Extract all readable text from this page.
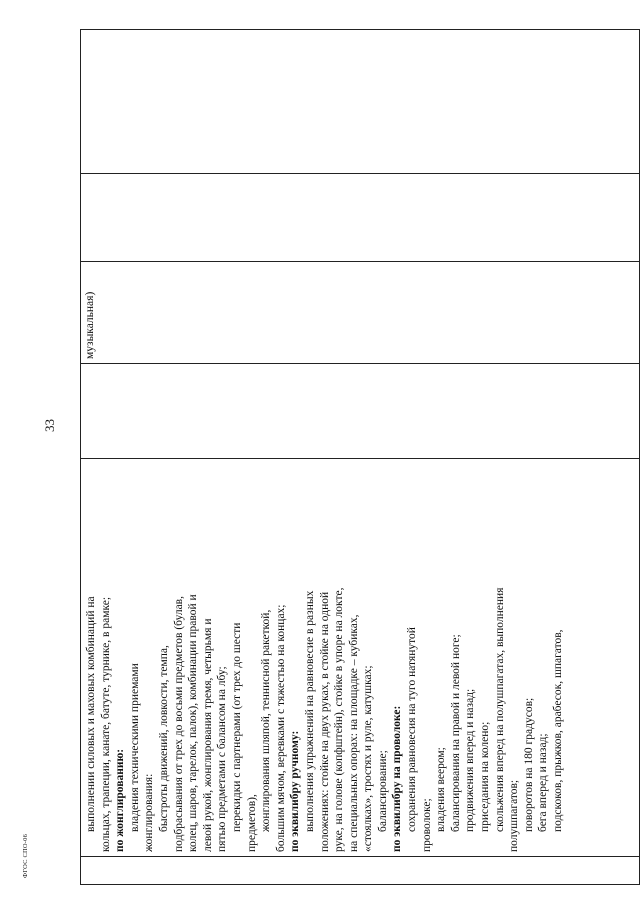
33

выполнении силовых и маховых комбинаций на кольцах, трапеции, канате, батуте, турнике, в рамке; по жонглированию: владения техническими приемами жонглирования: быстроты движений, ловкости, темпа, подбрасывания от трех до восьми предметов (булав, колец, шаров, тарелок, палок), комбинации правой и левой рукой, жонглирования тремя, четырьмя и пятью предметами с балансом на лбу; перекидки с партнерами (от трех до шести предметов), жонглирования шляпой, теннисной ракеткой, большим мячом, веревками с тяжестью на концах; по эквилибру ручному: выполнения упражнений на равновесие в разных положениях: стойке на двух руках, в стойке на одной руке, на голове (копфштейн), стойке в упоре на локте, на специальных опорах: на площадке – кубиках, «стоялках», тростях и руле, катушках; балансирование; по эквилибру на проволоке: сохранения равновесия на туго натянутой проволоке; владения веером; балансирования на правой и левой ноге; продвижения вперед и назад; приседания на колено; скольжения вперед на полушпагатах, выполнения полушпагатов; поворотов на 180 градусов; бега вперед и назад; подскоков, прыжков, арабесок, шпагатов,

музыкальная)

ФГОС СПО-06
